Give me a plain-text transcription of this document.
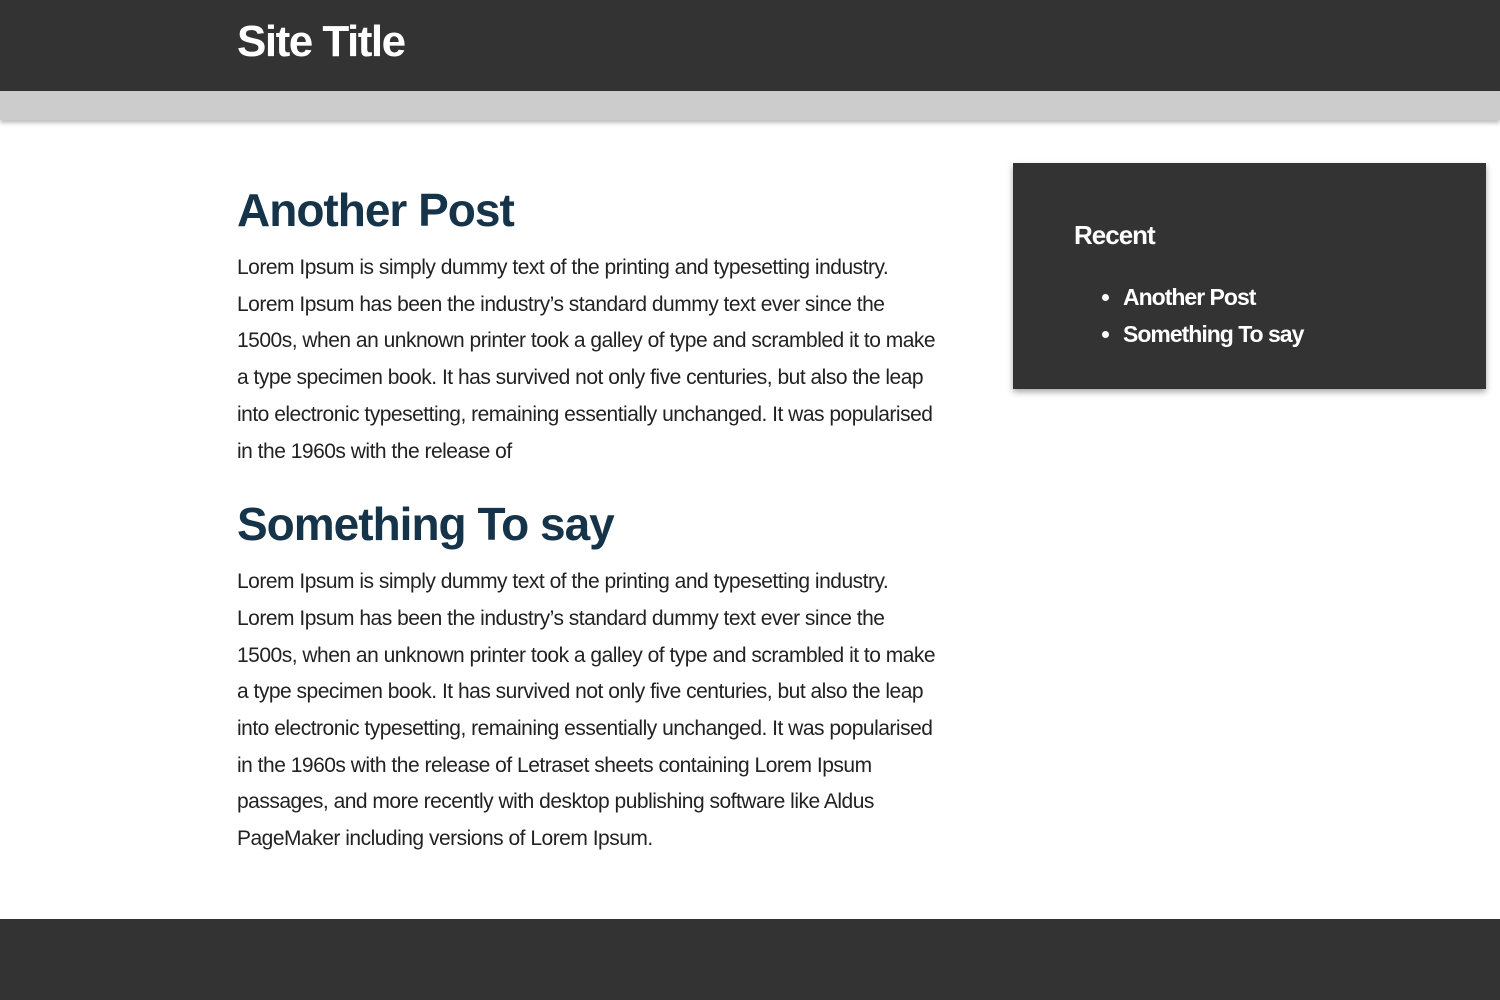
Site Title
Another Post

Lorem Ipsum is simply dummy text of the printing and typesetting industry. Lorem Ipsum has been the industry’s standard dummy text ever since the 1500s, when an unknown printer took a galley of type and scrambled it to make a type specimen book. It has survived not only five centuries, but also the leap into electronic typesetting, remaining essentially unchanged. It was popularised in the 1960s with the release of

Something To say

Lorem Ipsum is simply dummy text of the printing and typesetting industry. Lorem Ipsum has been the industry’s standard dummy text ever since the 1500s, when an unknown printer took a galley of type and scrambled it to make a type specimen book. It has survived not only five centuries, but also the leap into electronic typesetting, remaining essentially unchanged. It was popularised in the 1960s with the release of Letraset sheets containing Lorem Ipsum passages, and more recently with desktop publishing software like Aldus PageMaker including versions of Lorem Ipsum.

Recent
• Another Post
• Something To say
